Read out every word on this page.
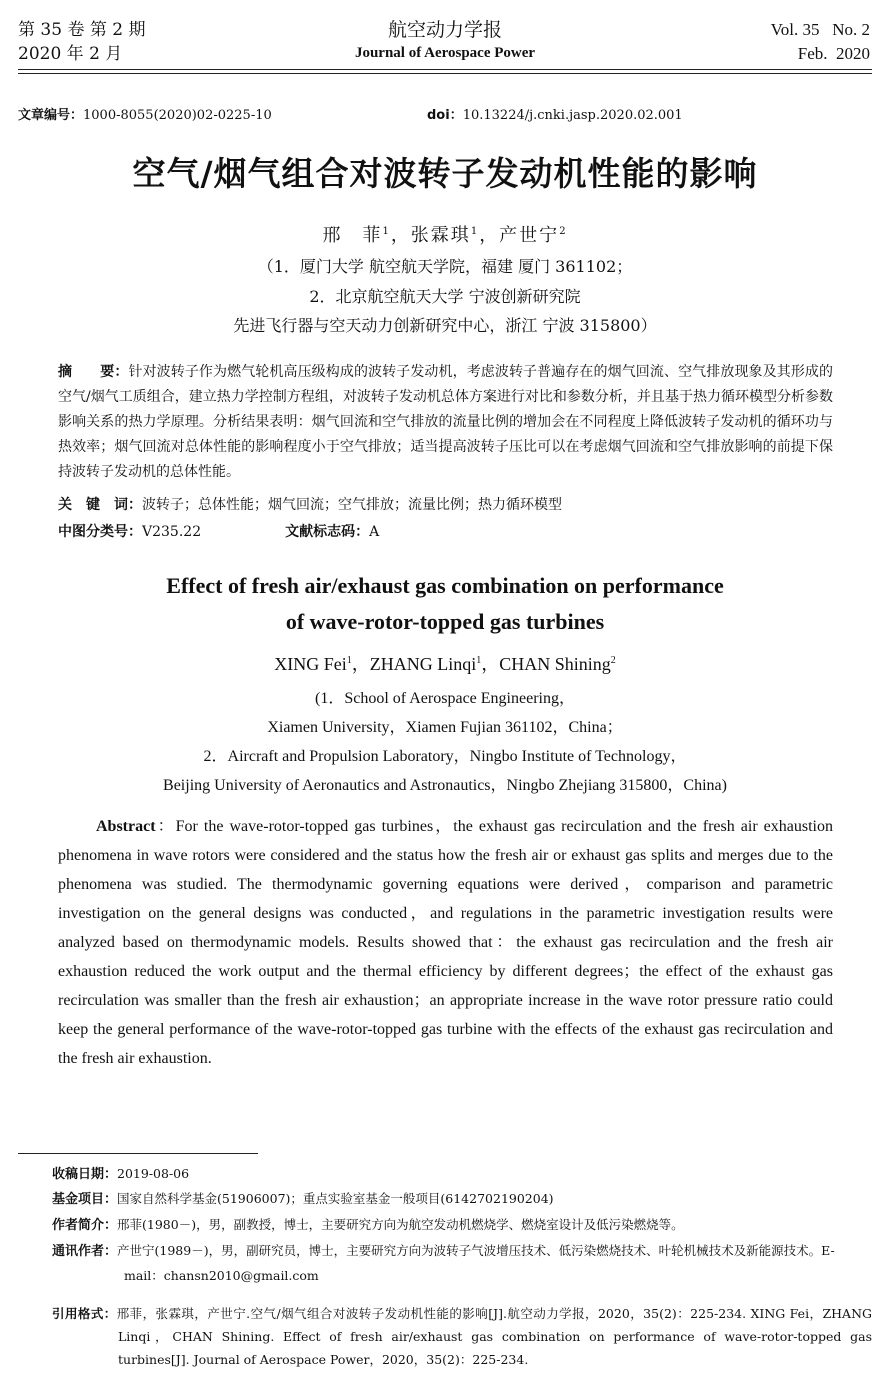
第 35 卷 第 2 期
2020 年 2 月
航空动力学报
Journal of Aerospace Power
Vol. 35   No. 2
Feb.  2020
文章编号：1000-8055(2020)02-0225-10	doi：10.13224/j.cnki.jasp.2020.02.001
空气/烟气组合对波转子发动机性能的影响
邢　菲$^1$，张霖琪$^1$，产世宁$^2$
（1．厦门大学 航空航天学院，福建 厦门 361102；
2．北京航空航天大学 宁波创新研究院
先进飞行器与空天动力创新研究中心，浙江 宁波 315800）
摘　　要：针对波转子作为燃气轮机高压级构成的波转子发动机，考虑波转子普遍存在的烟气回流、空气排放现象及其形成的空气/烟气工质组合，建立热力学控制方程组，对波转子发动机总体方案进行对比和参数分析，并且基于热力循环模型分析参数影响关系的热力学原理。分析结果表明：烟气回流和空气排放的流量比例的增加会在不同程度上降低波转子发动机的循环功与热效率；烟气回流对总体性能的影响程度小于空气排放；适当提高波转子压比可以在考虑烟气回流和空气排放影响的前提下保持波转子发动机的总体性能。
关　键　词：波转子；总体性能；烟气回流；空气排放；流量比例；热力循环模型
中图分类号：V235.22	文献标志码：A
Effect of fresh air/exhaust gas combination on performance
of wave-rotor-topped gas turbines
XING Fei$^1$，ZHANG Linqi$^1$，CHAN Shining$^2$
(1．School of Aerospace Engineering，
Xiamen University，Xiamen Fujian 361102，China；
2．Aircraft and Propulsion Laboratory，Ningbo Institute of Technology，
Beijing University of Aeronautics and Astronautics，Ningbo Zhejiang 315800，China)
Abstract：For the wave-rotor-topped gas turbines，the exhaust gas recirculation and the fresh air exhaustion phenomena in wave rotors were considered and the status how the fresh air or exhaust gas splits and merges due to the phenomena was studied. The thermodynamic governing equations were derived，comparison and parametric investigation on the general designs was conducted，and regulations in the parametric investigation results were analyzed based on thermodynamic models. Results showed that：the exhaust gas recirculation and the fresh air exhaustion reduced the work output and the thermal efficiency by different degrees；the effect of the exhaust gas recirculation was smaller than the fresh air exhaustion；an appropriate increase in the wave rotor pressure ratio could keep the general performance of the wave-rotor-topped gas turbine with the effects of the exhaust gas recirculation and the fresh air exhaustion.
收稿日期：2019-08-06
基金项目：国家自然科学基金(51906007)；重点实验室基金一般项目(6142702190204)
作者简介：邢菲(1980－)，男，副教授，博士，主要研究方向为航空发动机燃烧学、燃烧室设计及低污染燃烧等。
通讯作者：产世宁(1989－)，男，副研究员，博士，主要研究方向为波转子气波增压技术、低污染燃烧技术、叶轮机械技术及新能源技术。E-mail：chansn2010@gmail.com
引用格式：邢菲，张霖琪，产世宁.空气/烟气组合对波转子发动机性能的影响[J].航空动力学报，2020，35(2)：225-234. XING Fei，ZHANG Linqi，CHAN Shining. Effect of fresh air/exhaust gas combination on performance of wave-rotor-topped gas turbines[J]. Journal of Aerospace Power，2020，35(2)：225-234.
